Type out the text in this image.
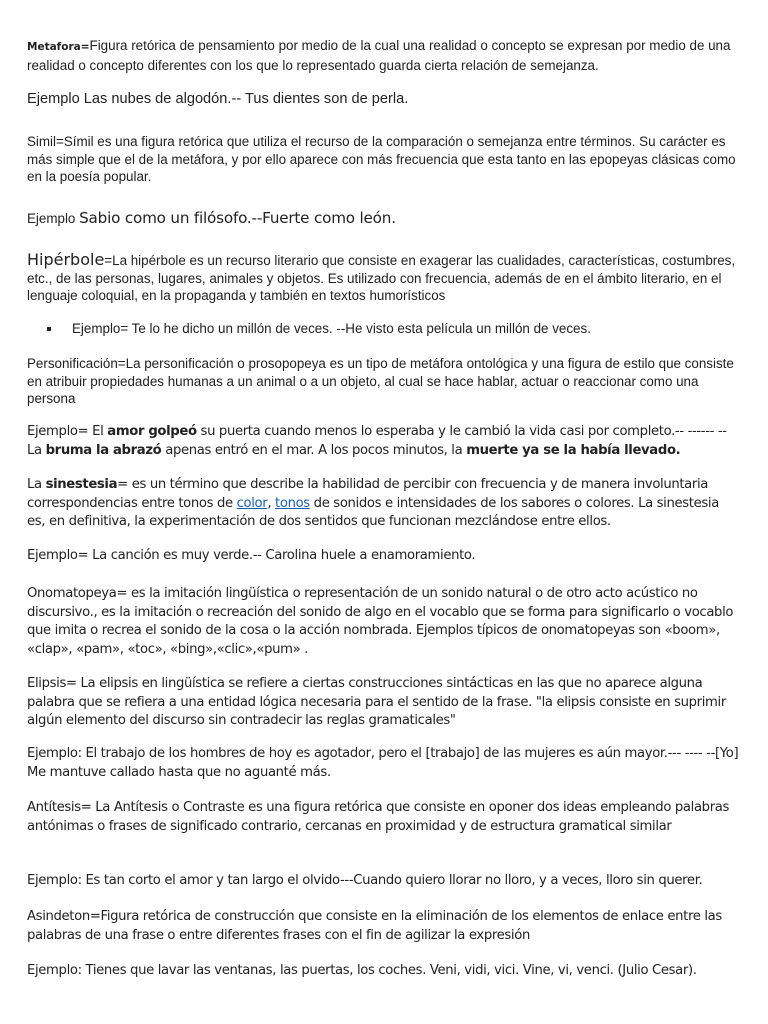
Metafora=Figura retórica de pensamiento por medio de la cual una realidad o concepto se expresan por medio de una realidad o concepto diferentes con los que lo representado guarda cierta relación de semejanza.

Ejemplo Las nubes de algodón.-- Tus dientes son de perla.

Simil=Símil es una figura retórica que utiliza el recurso de la comparación o semejanza entre términos. Su carácter es más simple que el de la metáfora, y por ello aparece con más frecuencia que esta tanto en las epopeyas clásicas como en la poesía popular.

Ejemplo Sabio como un filósofo.--Fuerte como león.

Hipérbole=La hipérbole es un recurso literario que consiste en exagerar las cualidades, características, costumbres, etc., de las personas, lugares, animales y objetos. Es utilizado con frecuencia, además de en el ámbito literario, en el lenguaje coloquial, en la propaganda y también en textos humorísticos

Ejemplo= Te lo he dicho un millón de veces. --He visto esta película un millón de veces.

Personificación=La personificación o prosopopeya es un tipo de metáfora ontológica y una figura de estilo que consiste en atribuir propiedades humanas a un animal o a un objeto, al cual se hace hablar, actuar o reaccionar como una persona

Ejemplo= El amor golpeó su puerta cuando menos lo esperaba y le cambió la vida casi por completo.-- ------ --La bruma la abrazó apenas entró en el mar. A los pocos minutos, la muerte ya se la había llevado.

La sinestesia= es un término que describe la habilidad de percibir con frecuencia y de manera involuntaria correspondencias entre tonos de color, tonos de sonidos e intensidades de los sabores o colores. La sinestesia es, en definitiva, la experimentación de dos sentidos que funcionan mezclándose entre ellos.

Ejemplo= La canción es muy verde.-- Carolina huele a enamoramiento.

Onomatopeya= es la imitación lingüística o representación de un sonido natural o de otro acto acústico no discursivo., es la imitación o recreación del sonido de algo en el vocablo que se forma para significarlo o vocablo que imita o recrea el sonido de la cosa o la acción nombrada. Ejemplos típicos de onomatopeyas son «boom», «clap», «pam», «toc», «bing»,«clic»,«pum» .

Elipsis= La elipsis en lingüística se refiere a ciertas construcciones sintácticas en las que no aparece alguna palabra que se refiera a una entidad lógica necesaria para el sentido de la frase. "la elipsis consiste en suprimir algún elemento del discurso sin contradecir las reglas gramaticales"

Ejemplo: El trabajo de los hombres de hoy es agotador, pero el [trabajo] de las mujeres es aún mayor.--- ---- --[Yo] Me mantuve callado hasta que no aguanté más.

Antítesis= La Antítesis o Contraste es una figura retórica que consiste en oponer dos ideas empleando palabras antónimas o frases de significado contrario, cercanas en proximidad y de estructura gramatical similar

Ejemplo: Es tan corto el amor y tan largo el olvido---Cuando quiero llorar no lloro, y a veces, lloro sin querer.

Asindeton=Figura retórica de construcción que consiste en la eliminación de los elementos de enlace entre las palabras de una frase o entre diferentes frases con el fin de agilizar la expresión

Ejemplo: Tienes que lavar las ventanas, las puertas, los coches. Veni, vidi, vici. Vine, vi, venci. (Julio Cesar).
